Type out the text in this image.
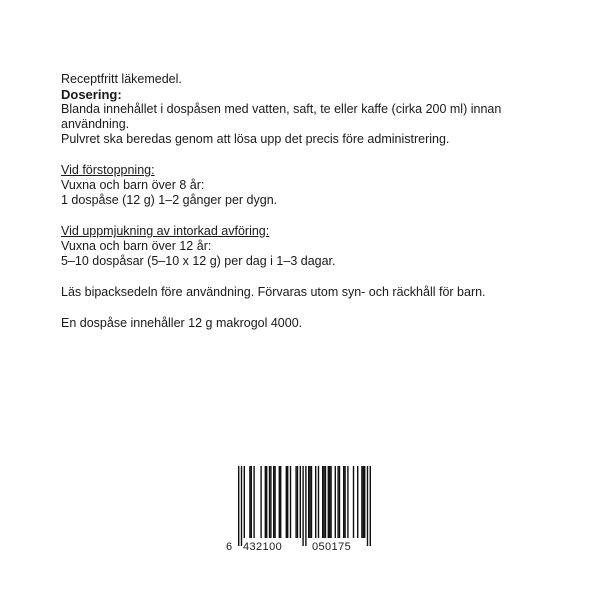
Receptfritt läkemedel.

Dosering:

Blanda innehållet i dospåsen med vatten, saft, te eller kaffe (cirka 200 ml) innan användning.

Pulvret ska beredas genom att lösa upp det precis före administrering.

Vid förstoppning:

Vuxna och barn över 8 år:

1 dospåse (12 g) 1–2 gånger per dygn.

Vid uppmjukning av intorkad avföring:

Vuxna och barn över 12 år:

5–10 dospåsar (5–10 x 12 g) per dag i 1–3 dagar.

Läs bipacksedeln före användning. Förvaras utom syn- och räckhåll för barn.

En dospåse innehåller 12 g makrogol 4000.

6 432100	050175
